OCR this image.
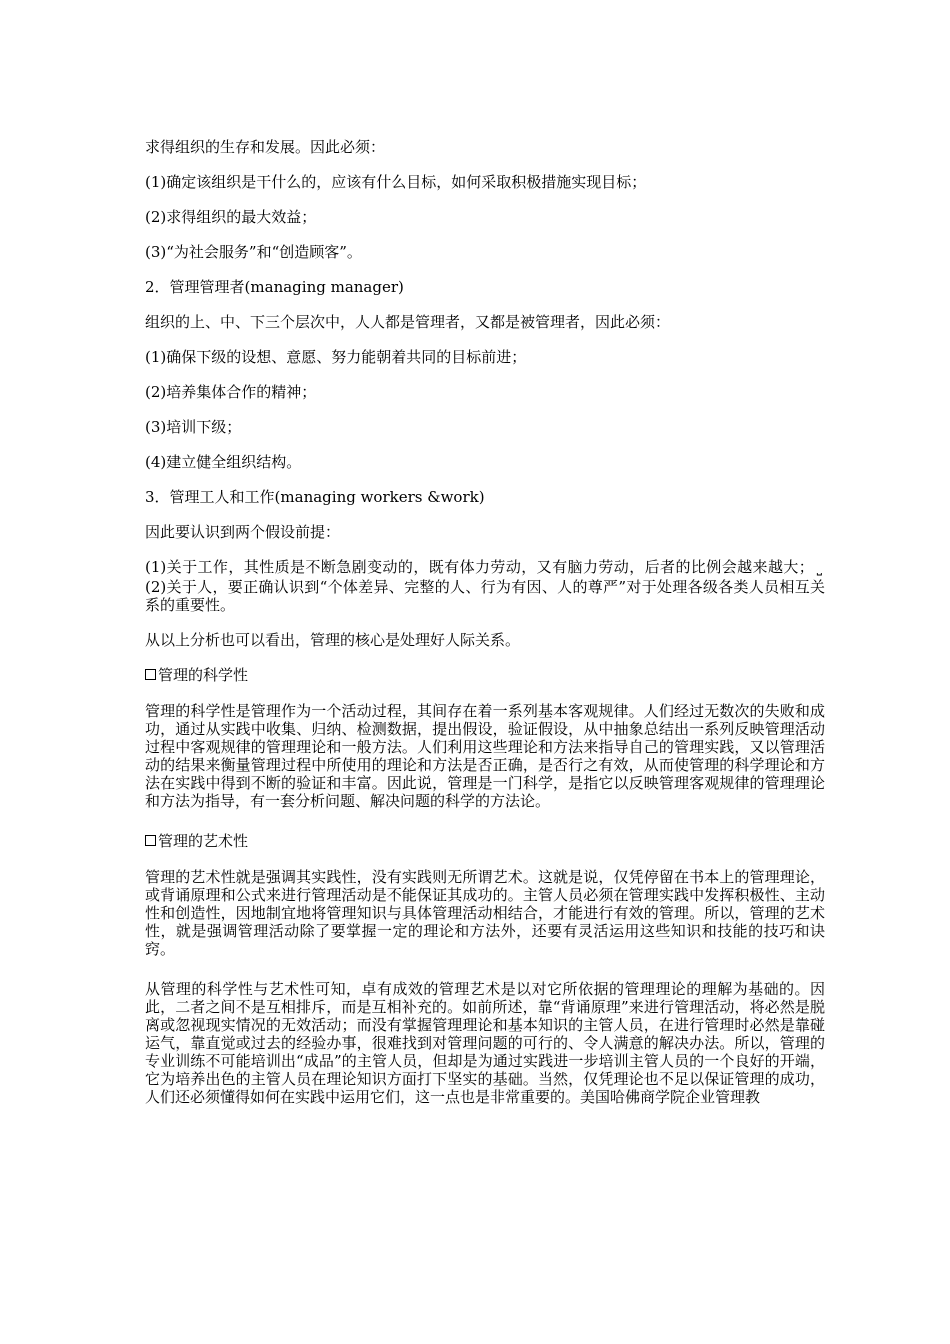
求得组织的生存和发展。因此必须：

(1)确定该组织是干什么的，应该有什么目标，如何采取积极措施实现目标；

(2)求得组织的最大效益；

(3)“为社会服务”和“创造顾客”。

2．管理管理者(managing manager)

组织的上、中、下三个层次中，人人都是管理者，又都是被管理者，因此必须：

(1)确保下级的设想、意愿、努力能朝着共同的目标前进；

(2)培养集体合作的精神；

(3)培训下级；

(4)建立健全组织结构。

3．管理工人和工作(managing workers &work)

因此要认识到两个假设前提：

(1)关于工作，其性质是不断急剧变动的，既有体力劳动，又有脑力劳动，后者的比例会越来越大； ⎵(2)关于人，要正确认识到“个体差异、完整的人、行为有因、人的尊严”对于处理各级各类人员相互关系的重要性。

从以上分析也可以看出，管理的核心是处理好人际关系。

管理的科学性

管理的科学性是管理作为一个活动过程，其间存在着一系列基本客观规律。人们经过无数次的失败和成功，通过从实践中收集、归纳、检测数据，提出假设，验证假设，从中抽象总结出一系列反映管理活动过程中客观规律的管理理论和一般方法。人们利用这些理论和方法来指导自己的管理实践，又以管理活动的结果来衡量管理过程中所使用的理论和方法是否正确，是否行之有效，从而使管理的科学理论和方法在实践中得到不断的验证和丰富。因此说，管理是一门科学，是指它以反映管理客观规律的管理理论和方法为指导，有一套分析问题、解决问题的科学的方法论。

管理的艺术性

管理的艺术性就是强调其实践性，没有实践则无所谓艺术。这就是说，仅凭停留在书本上的管理理论，或背诵原理和公式来进行管理活动是不能保证其成功的。主管人员必须在管理实践中发挥积极性、主动性和创造性，因地制宜地将管理知识与具体管理活动相结合，才能进行有效的管理。所以，管理的艺术性，就是强调管理活动除了要掌握一定的理论和方法外，还要有灵活运用这些知识和技能的技巧和诀窍。

从管理的科学性与艺术性可知，卓有成效的管理艺术是以对它所依据的管理理论的理解为基础的。因此，二者之间不是互相排斥，而是互相补充的。如前所述，靠“背诵原理”来进行管理活动，将必然是脱离或忽视现实情况的无效活动；而没有掌握管理理论和基本知识的主管人员，在进行管理时必然是靠碰运气，靠直觉或过去的经验办事，很难找到对管理问题的可行的、令人满意的解决办法。所以，管理的专业训练不可能培训出“成品”的主管人员，但却是为通过实践进一步培训主管人员的一个良好的开端，它为培养出色的主管人员在理论知识方面打下坚实的基础。当然，仅凭理论也不足以保证管理的成功，人们还必须懂得如何在实践中运用它们，这一点也是非常重要的。美国哈佛商学院企业管理教
